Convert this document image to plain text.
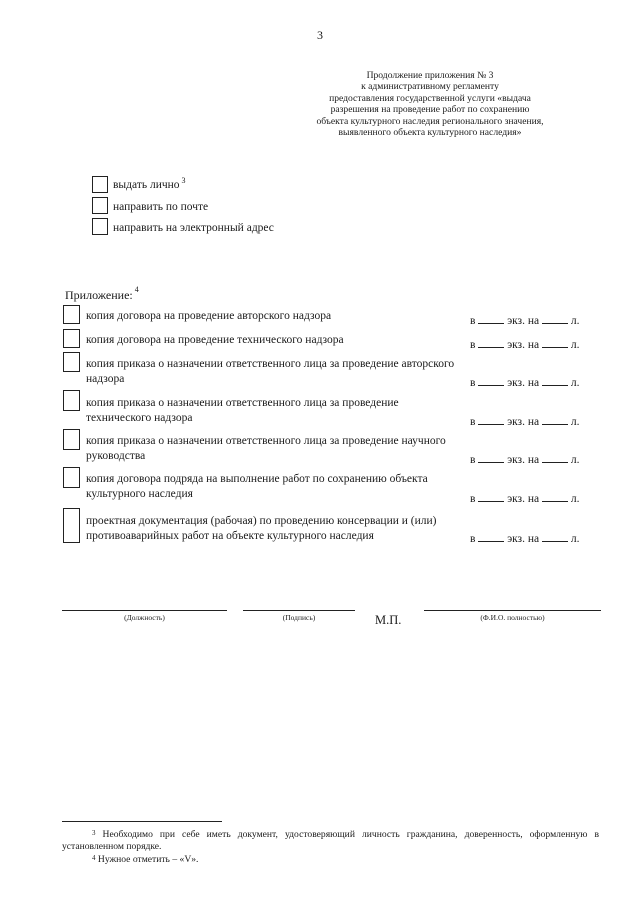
3
Продолжение приложения № 3
к административному регламенту
предоставления государственной услуги «выдача
разрешения на проведение работ по сохранению
объекта культурного наследия регионального значения,
выявленного объекта культурного наследия»
выдать лично $^3$
направить по почте
направить на электронный адрес
Приложение: $^4$
копия договора на проведение авторского надзора	в	экз. на	л.
копия договора на проведение технического надзора	в	экз. на	л.
копия приказа о назначении ответственного лица за проведение авторского надзора	в	экз. на	л.
копия приказа о назначении ответственного лица за проведение технического надзора	в	экз. на	л.
копия приказа о назначении ответственного лица за проведение научного руководства	в	экз. на	л.
копия договора подряда на выполнение работ по сохранению объекта культурного наследия	в	экз. на	л.
проектная документация (рабочая) по проведению консервации и (или) противоаварийных работ на объекте культурного наследия	в	экз. на	л.
(Должность)	(Подпись)	М.П.	(Ф.И.О. полностью)
$^3$ Необходимо при себе иметь документ, удостоверяющий личность гражданина, доверенность, оформленную в установленном порядке.
$^4$ Нужное отметить – «V».
